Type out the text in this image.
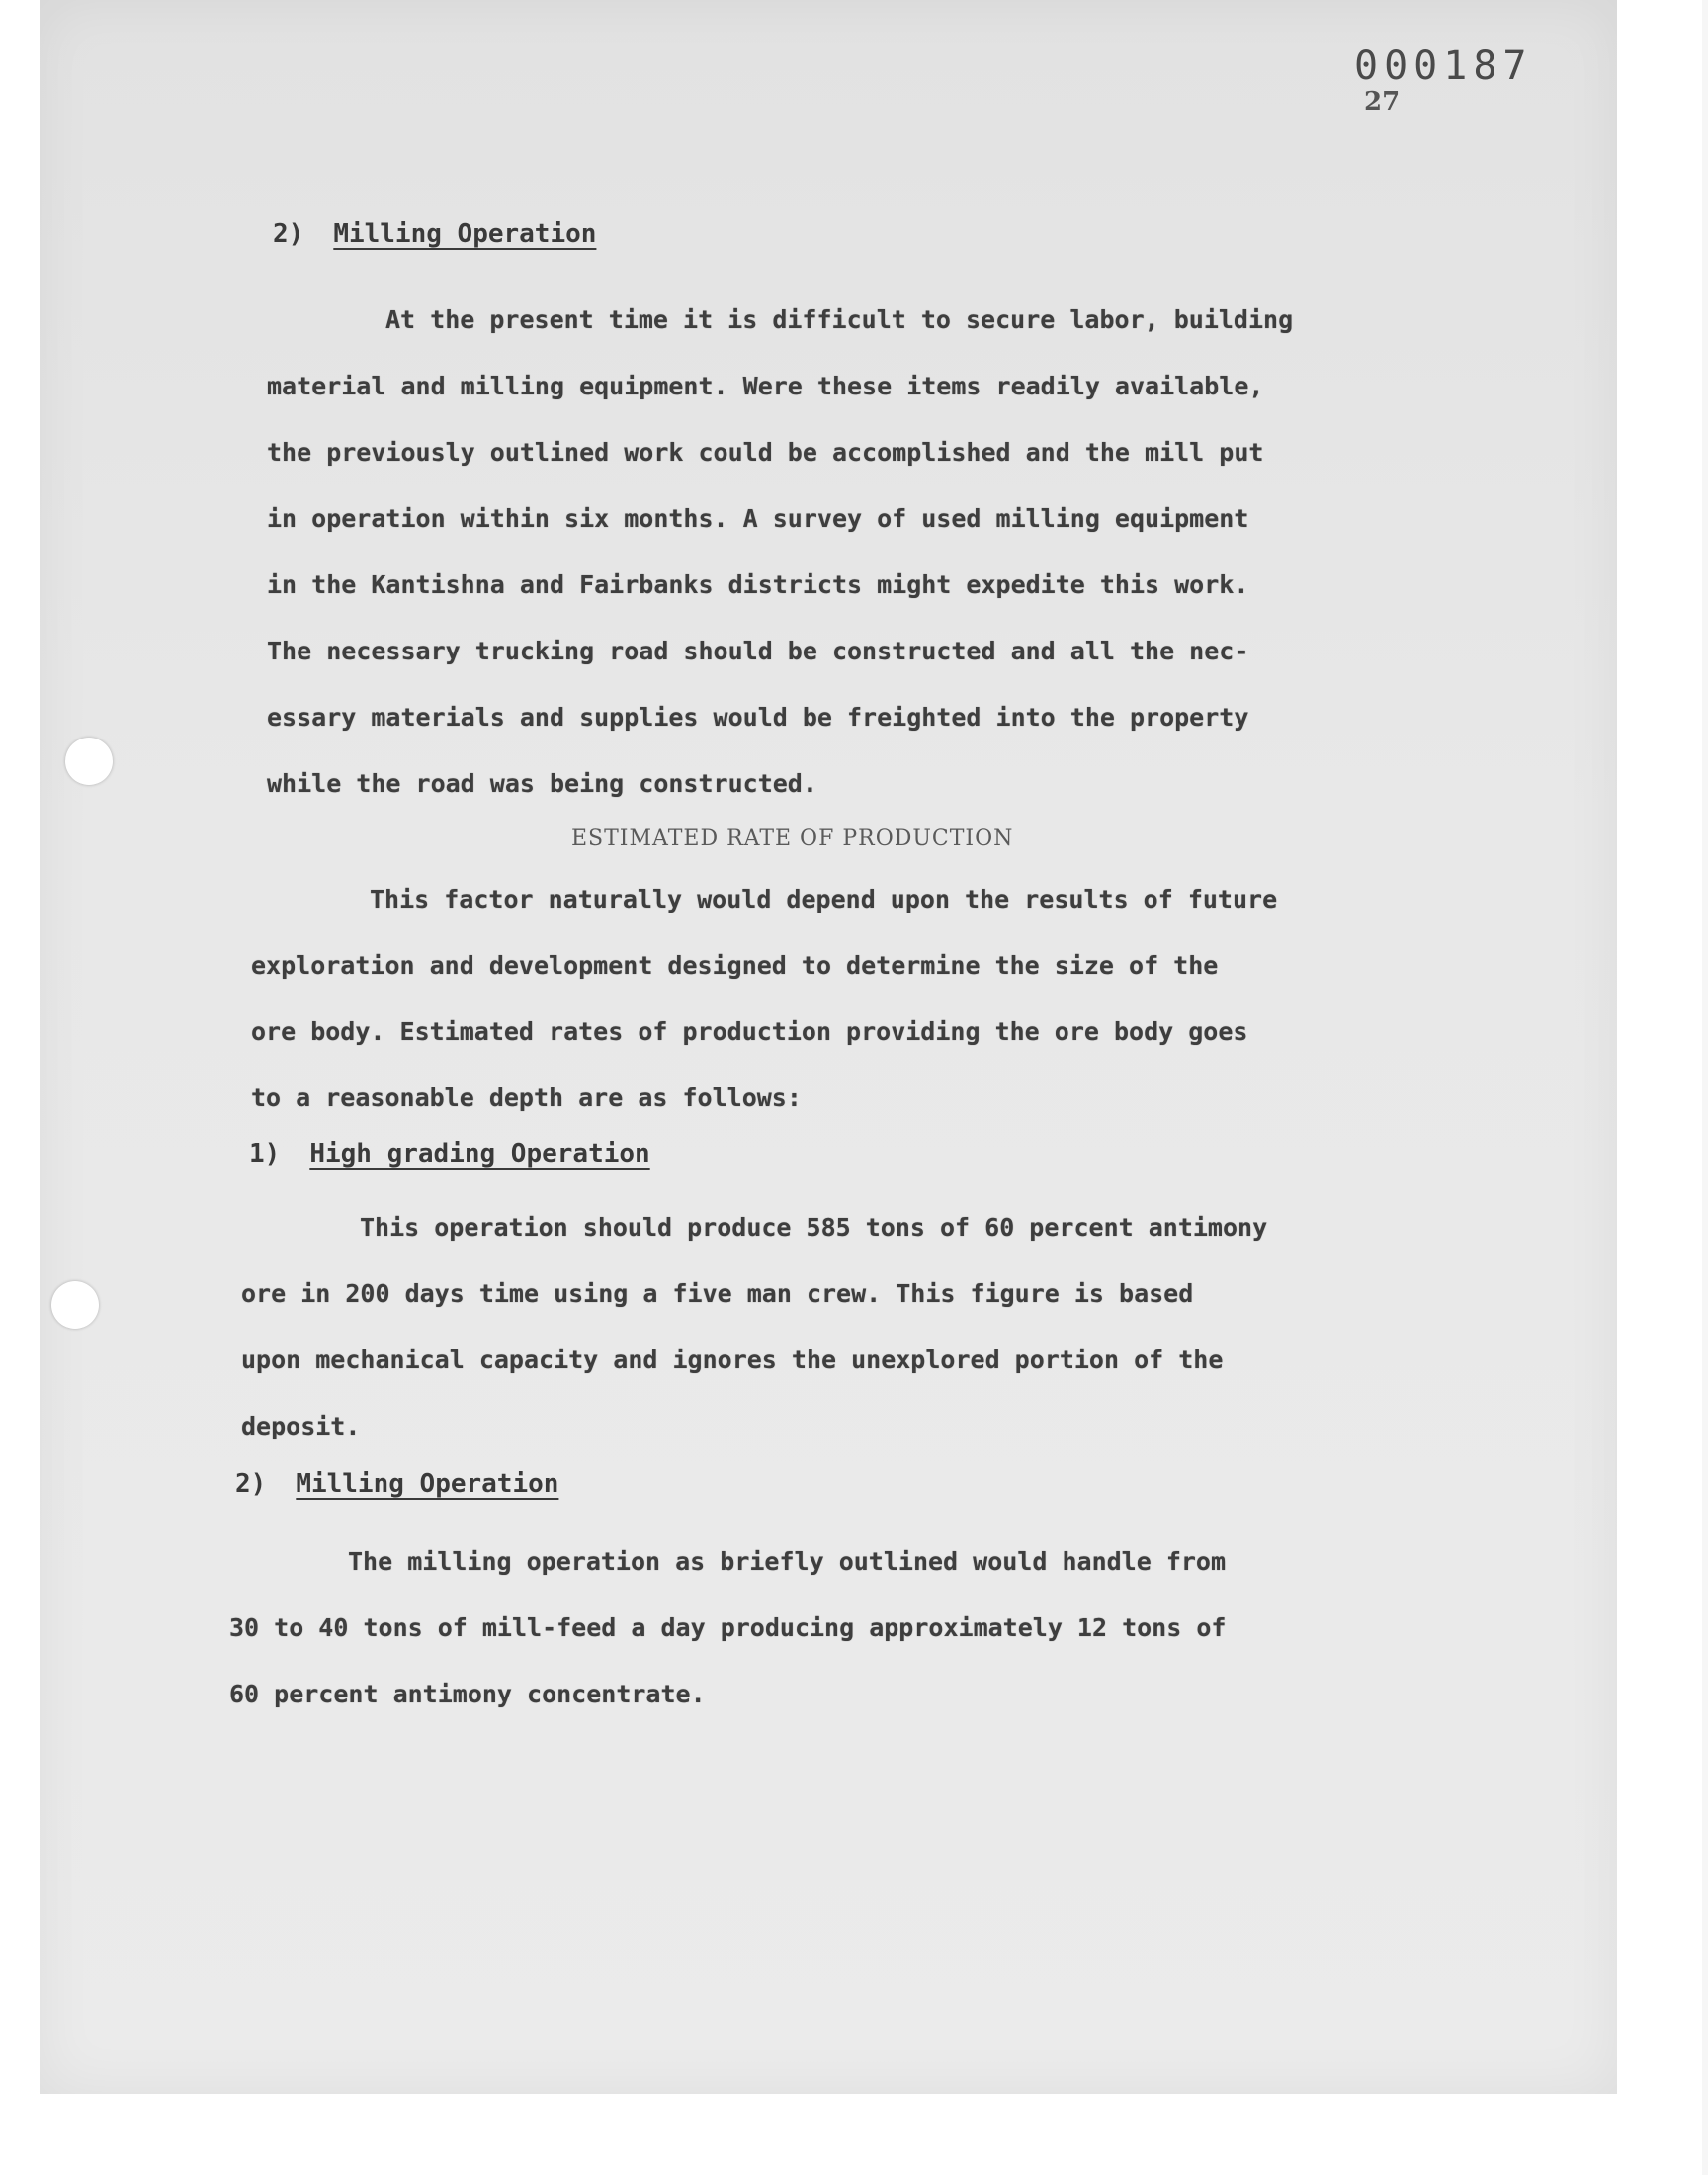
000187
27
2) Milling Operation
At the present time it is difficult to secure labor, building
material and milling equipment. Were these items readily available,
the previously outlined work could be accomplished and the mill put
in operation within six months. A survey of used milling equipment
in the Kantishna and Fairbanks districts might expedite this work.
The necessary trucking road should be constructed and all the nec-
essary materials and supplies would be freighted into the property
while the road was being constructed.
ESTIMATED RATE OF PRODUCTION
This factor naturally would depend upon the results of future
exploration and development designed to determine the size of the
ore body. Estimated rates of production providing the ore body goes
to a reasonable depth are as follows:
1) High grading Operation
This operation should produce 585 tons of 60 percent antimony
ore in 200 days time using a five man crew. This figure is based
upon mechanical capacity and ignores the unexplored portion of the
deposit.
2) Milling Operation
The milling operation as briefly outlined would handle from
30 to 40 tons of mill-feed a day producing approximately 12 tons of
60 percent antimony concentrate.
